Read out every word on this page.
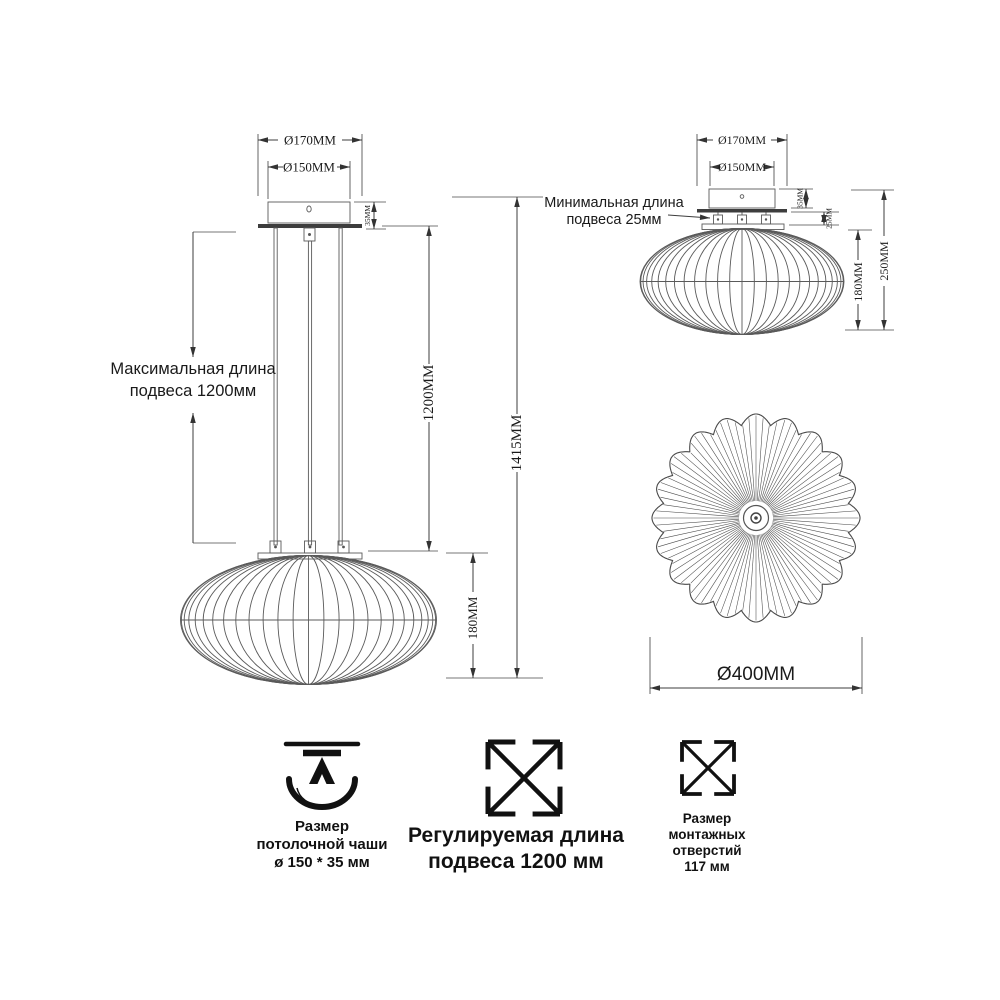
Ø170MM
Ø150MM
35MM
Максимальная длина
подвеса 1200мм	1200MM
1415MM
180MM
Ø170MM
Ø150MM
Минимальная длина
подвеса 25мм
35MM
25MM
180MM
250MM
Ø400MM
Размер
потолочной чаши
ø 150 * 35 мм
Регулируемая длина
подвеса 1200 мм
Размер
монтажных
отверстий
117 мм
